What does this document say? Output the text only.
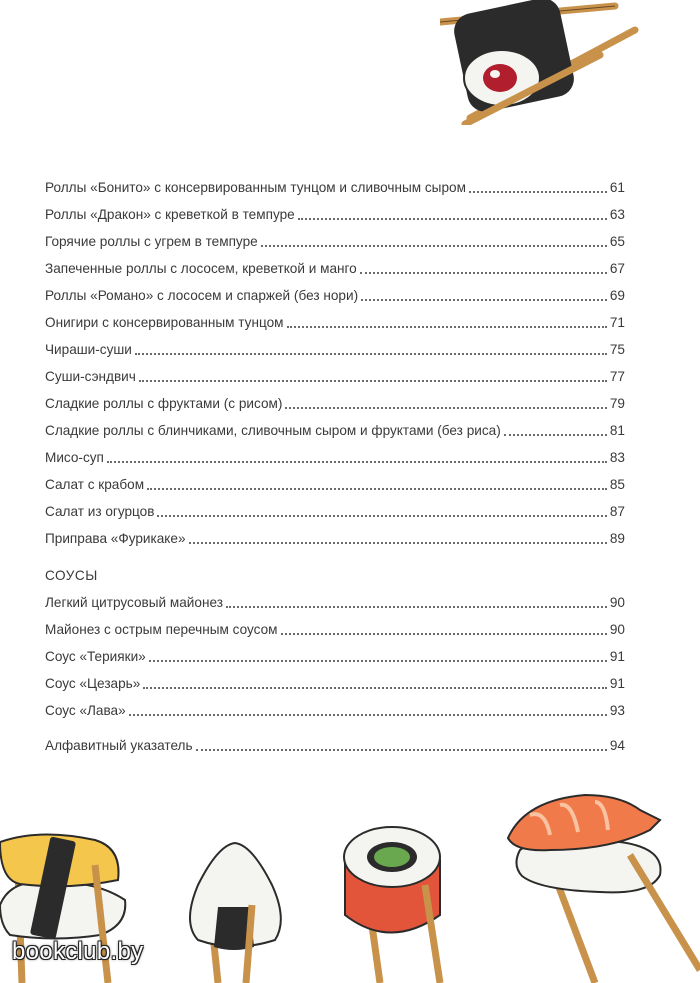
Роллы «Бонито» с консервированным тунцом и сливочным сыром	61
Роллы «Дракон» с креветкой в темпуре	63
Горячие роллы с угрем в темпуре	65
Запеченные роллы с лососем, креветкой и манго	67
Роллы «Романо» с лососем и спаржей (без нори)	69
Онигири с консервированным тунцом	71
Чираши-суши	75
Суши-сэндвич	77
Сладкие роллы с фруктами (с рисом)	79
Сладкие роллы с блинчиками, сливочным сыром и фруктами (без риса)	81
Мисо-суп	83
Салат с крабом	85
Салат из огурцов	87
Приправа «Фурикаке»	89
СОУСЫ
Легкий цитрусовый майонез	90
Майонез с острым перечным соусом	90
Соус «Терияки»	91
Соус «Цезарь»	91
Соус «Лава»	93
Алфавитный указатель	94
bookclub.by
